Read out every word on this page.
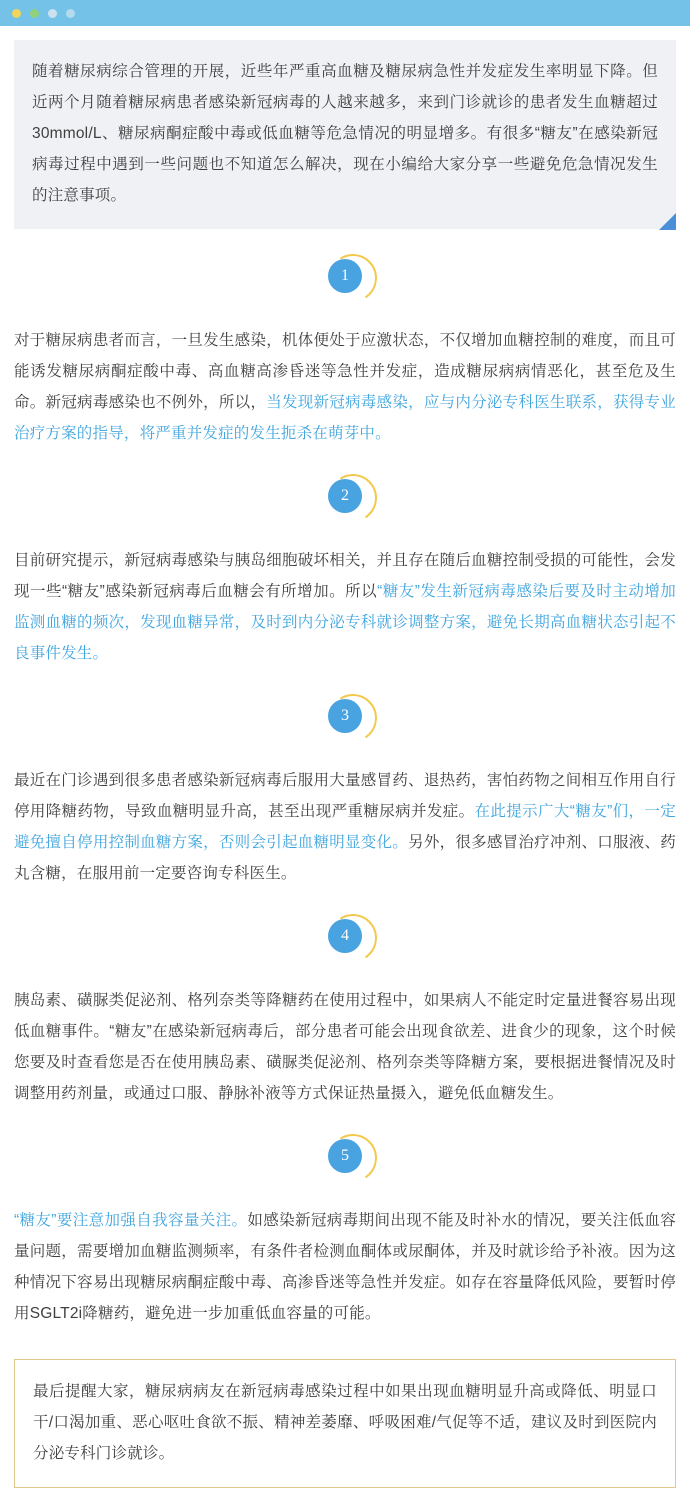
随着糖尿病综合管理的开展，近些年严重高血糖及糖尿病急性并发症发生率明显下降。但近两个月随着糖尿病患者感染新冠病毒的人越来越多，来到门诊就诊的患者发生血糖超过30mmol/L、糖尿病酮症酸中毒或低血糖等危急情况的明显增多。有很多“糖友”在感染新冠病毒过程中遇到一些问题也不知道怎么解决，现在小编给大家分享一些避免危急情况发生的注意事项。
1

对于糖尿病患者而言，一旦发生感染，机体便处于应激状态，不仅增加血糖控制的难度，而且可能诱发糖尿病酮症酸中毒、高血糖高渗昏迷等急性并发症，造成糖尿病病情恶化，甚至危及生命。新冠病毒感染也不例外，所以，当发现新冠病毒感染，应与内分泌专科医生联系，获得专业治疗方案的指导，将严重并发症的发生扼杀在萌芽中。

2

目前研究提示，新冠病毒感染与胰岛细胞破坏相关，并且存在随后血糖控制受损的可能性，会发现一些“糖友”感染新冠病毒后血糖会有所增加。所以“糖友”发生新冠病毒感染后要及时主动增加监测血糖的频次，发现血糖异常，及时到内分泌专科就诊调整方案，避免长期高血糖状态引起不良事件发生。

3

最近在门诊遇到很多患者感染新冠病毒后服用大量感冒药、退热药，害怕药物之间相互作用自行停用降糖药物，导致血糖明显升高，甚至出现严重糖尿病并发症。在此提示广大“糖友”们，一定避免擅自停用控制血糖方案，否则会引起血糖明显变化。另外，很多感冒治疗冲剂、口服液、药丸含糖，在服用前一定要咨询专科医生。

4

胰岛素、磺脲类促泌剂、格列奈类等降糖药在使用过程中，如果病人不能定时定量进餐容易出现低血糖事件。“糖友”在感染新冠病毒后，部分患者可能会出现食欲差、进食少的现象，这个时候您要及时查看您是否在使用胰岛素、磺脲类促泌剂、格列奈类等降糖方案，要根据进餐情况及时调整用药剂量，或通过口服、静脉补液等方式保证热量摄入，避免低血糖发生。

5

“糖友”要注意加强自我容量关注。如感染新冠病毒期间出现不能及时补水的情况，要关注低血容量问题，需要增加血糖监测频率，有条件者检测血酮体或尿酮体，并及时就诊给予补液。因为这种情况下容易出现糖尿病酮症酸中毒、高渗昏迷等急性并发症。如存在容量降低风险，要暂时停用SGLT2i降糖药，避免进一步加重低血容量的可能。

最后提醒大家，糖尿病病友在新冠病毒感染过程中如果出现血糖明显升高或降低、明显口干/口渴加重、恶心呕吐食欲不振、精神差萎靡、呼吸困难/气促等不适，建议及时到医院内分泌专科门诊就诊。
